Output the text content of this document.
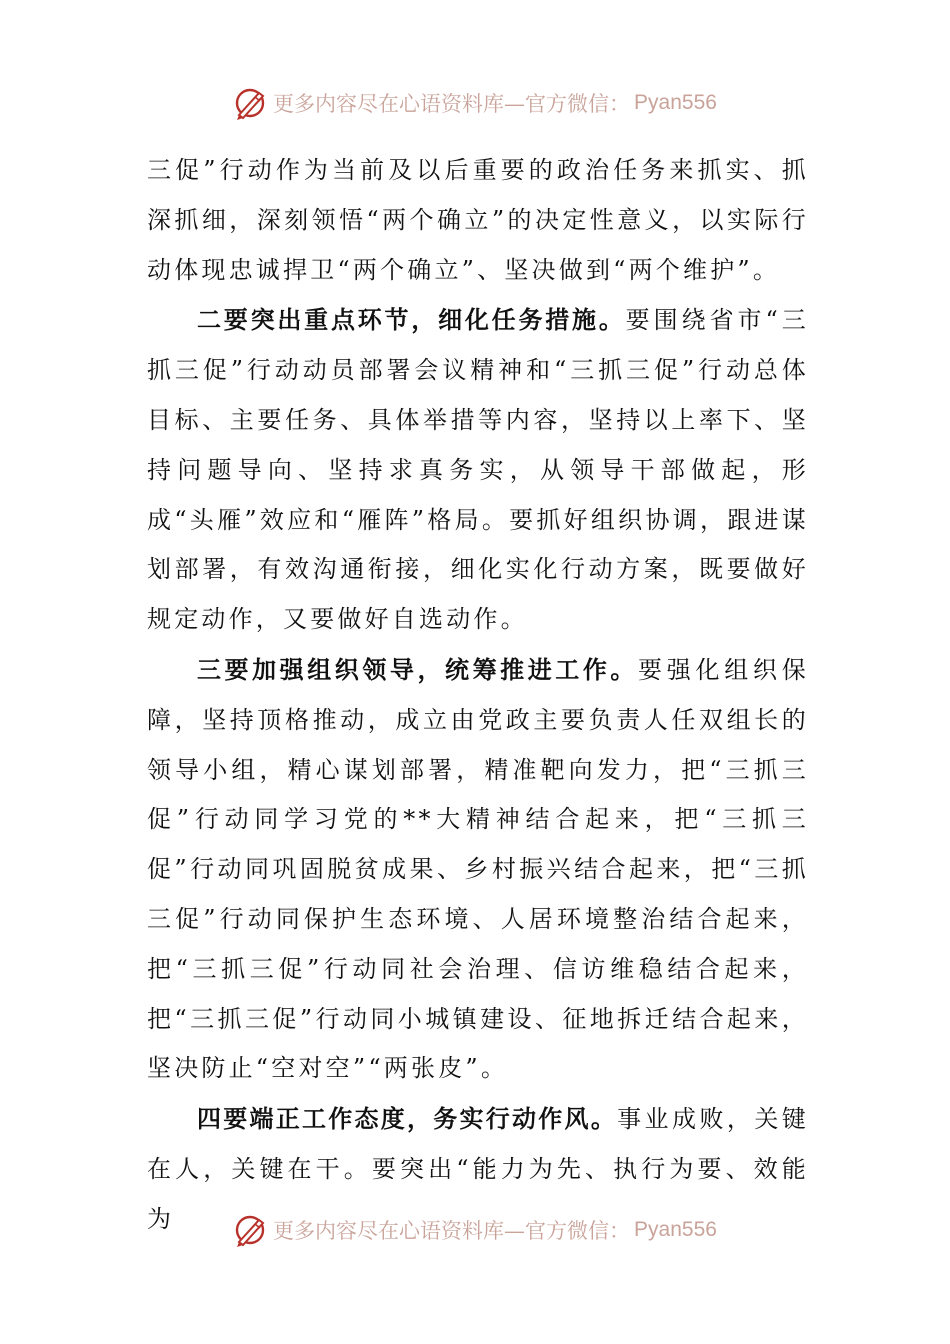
更多内容尽在心语资料库—官方微信： Pyan556

三促”行动作为当前及以后重要的政治任务来抓实、抓深抓细，深刻领悟“两个确立”的决定性意义，以实际行动体现忠诚捍卫“两个确立”、坚决做到“两个维护”。

二要突出重点环节，细化任务措施。要围绕省市“三抓三促”行动动员部署会议精神和“三抓三促”行动总体目标、主要任务、具体举措等内容，坚持以上率下、坚持问题导向、坚持求真务实，从领导干部做起，形成“头雁”效应和“雁阵”格局。要抓好组织协调，跟进谋划部署，有效沟通衔接，细化实化行动方案，既要做好规定动作，又要做好自选动作。

三要加强组织领导，统筹推进工作。要强化组织保障，坚持顶格推动，成立由党政主要负责人任双组长的领导小组，精心谋划部署，精准靶向发力，把“三抓三促”行动同学习党的**大精神结合起来，把“三抓三促”行动同巩固脱贫成果、乡村振兴结合起来，把“三抓三促”行动同保护生态环境、人居环境整治结合起来，把“三抓三促”行动同社会治理、信访维稳结合起来，把“三抓三促”行动同小城镇建设、征地拆迁结合起来，坚决防止“空对空”“两张皮”。

四要端正工作态度，务实行动作风。事业成败，关键在人，关键在干。要突出“能力为先、执行为要、效能为	更多内容尽在心语资料库—官方微信： Pyan556
